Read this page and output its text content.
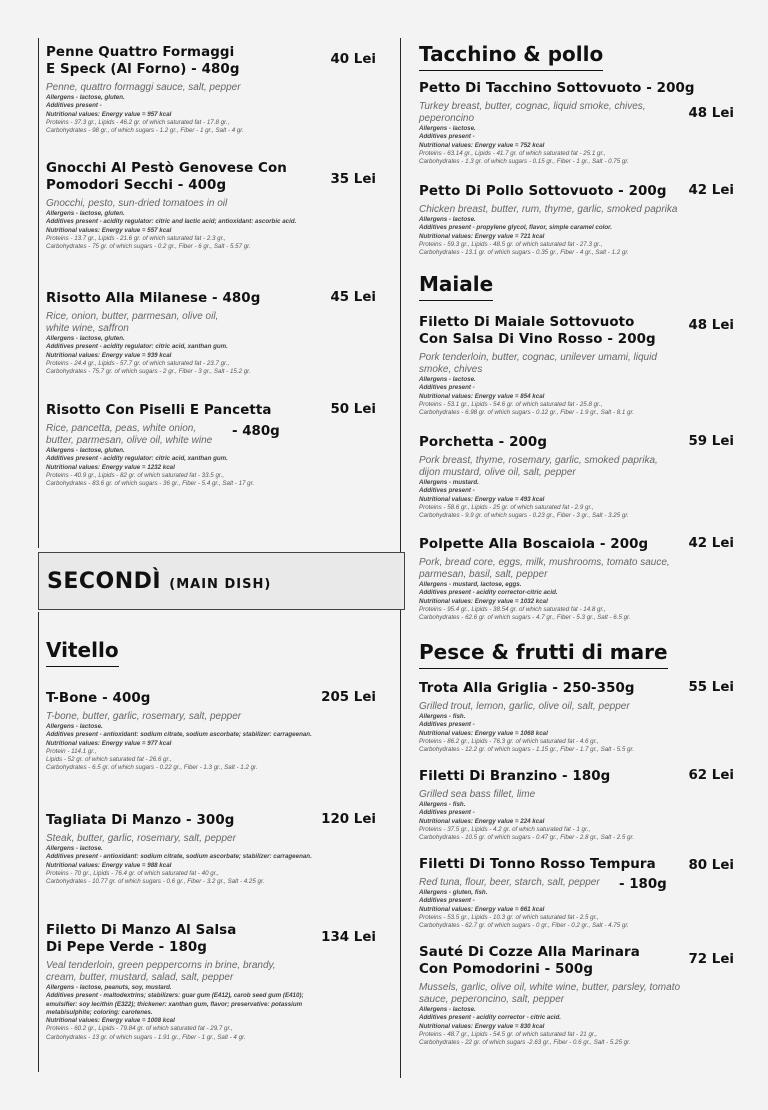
Penne Quattro Formaggi
E Speck (Al Forno) - 480g
40 Lei
Penne, quattro formaggi sauce, salt, pepper
Allergens - lactose, gluten.
Additives present -
Nutritional values: Energy value = 957 kcal
Proteins - 37.3 gr., Lipids - 46.2 gr. of which saturated fat - 17.8 gr.,
Carbohydrates - 98 gr., of which sugars - 1.2 gr., Fiber - 1 gr., Salt - 4 gr.
Gnocchi Al Pestò Genovese Con
Pomodori Secchi - 400g	35 Lei
Gnocchi, pesto, sun-dried tomatoes in oil
Allergens - lactose, gluten.
Additives present - acidity regulator: citric and lactic acid; antioxidant: ascorbic acid.
Nutritional values: Energy value = 557 kcal
Proteins - 13.7 gr., Lipids - 21.6 gr. of which saturated fat - 2.3 gr.,
Carbohydrates - 75 gr. of which sugars - 0.2 gr., Fiber - 6 gr., Salt - 5.57 gr.
Risotto Alla Milanese - 480g	45 Lei
Rice, onion, butter, parmesan, olive oil, white wine, saffron
Allergens - lactose, gluten.
Additives present - acidity regulator: citric acid, xanthan gum.
Nutritional values: Energy value = 939 kcal
Proteins - 24.4 gr., Lipids - 57.7 gr. of which saturated fat - 23.7 gr.,
Carbohydrates - 75.7 gr. of which sugars - 2 gr., Fiber - 3 gr., Salt - 15.2 gr.
Risotto Con Piselli E Pancetta	50 Lei
- 480g
Rice, pancetta, peas, white onion, butter, parmesan, olive oil, white wine
Allergens - lactose, gluten.
Additives present - acidity regulator: citric acid, xanthan gum.
Nutritional values: Energy value = 1232 kcal
Proteins - 40.9 gr., Lipids - 82 gr. of which saturated fat - 33.5 gr.,
Carbohydrates - 83.6 gr. of which sugars - 36 gr., Fiber - 5.4 gr., Salt - 17 gr.
SECONDÌ (MAIN DISH)
Vitello
T-Bone - 400g	205 Lei
T-bone, butter, garlic, rosemary, salt, pepper
Allergens - lactose.
Additives present - antioxidant: sodium citrate, sodium ascorbate; stabilizer: carrageenan.
Nutritional values: Energy value = 977 kcal
Protein - 114.1 gr.,
Lipids - 52 gr. of which saturated fat - 26.6 gr.,
Carbohydrates - 6.5 gr. of which sugars - 0.22 gr., Fiber - 1.3 gr., Salt - 1.2 gr.
Tagliata Di Manzo - 300g	120 Lei
Steak, butter, garlic, rosemary, salt, pepper
Allergens - lactose.
Additives present - antioxidant: sodium citrate, sodium ascorbate; stabilizer: carrageenan.
Nutritional values: Energy value = 988 kcal
Proteins - 70 gr., Lipids - 76.4 gr. of which saturated fat - 40 gr.,
Carbohydrates - 10.77 gr. of which sugars - 0.6 gr., Fiber - 3.2 gr., Salt - 4.25 gr.
Filetto Di Manzo Al Salsa
Di Pepe Verde - 180g
134 Lei
Veal tenderloin, green peppercorns in brine, brandy, cream, butter, mustard, salad, salt, pepper
Allergens - lactose, peanuts, soy, mustard.
Additives present - maltodextrins; stabilizers: guar gum (E412), carob seed gum (E410); emulsifier: soy lecithin (E322); thickener: xanthan gum, flavor; preservative: potassium metabisulphite; coloring: carotenes.
Nutritional values: Energy value = 1008 kcal
Proteins - 60.2 gr., Lipids - 79.84 gr. of which saturated fat - 29.7 gr.,
Carbohydrates - 13 gr. of which sugars - 1.91 gr., Fiber - 1 gr., Salt - 4 gr.
Tacchino & pollo
Petto Di Tacchino Sottovuoto - 200g
48 Lei
Turkey breast, butter, cognac, liquid smoke, chives, peperoncino
Allergens - lactose.
Additives present -
Nutritional values: Energy value = 752 kcal
Proteins - 63.14 gr., Lipids - 41.7 gr. of which saturated fat - 25.1 gr.,
Carbohydrates - 1.3 gr. of which sugars - 0.15 gr., Fiber - 1 gr., Salt - 0.75 gr.
Petto Di Pollo Sottovuoto - 200g	42 Lei
Chicken breast, butter, rum, thyme, garlic, smoked paprika
Allergens - lactose.
Additives present - propylene glycol, flavor, simple caramel color.
Nutritional values: Energy value = 721 kcal
Proteins - 59.3 gr., Lipids - 48.5 gr. of which saturated fat - 27.3 gr.,
Carbohydrates - 13.1 gr. of which sugars - 0.35 gr., Fiber - 4 gr., Salt - 1.2 gr.
Maiale
Filetto Di Maiale Sottovuoto
Con Salsa Di Vino Rosso - 200g
48 Lei
Pork tenderloin, butter, cognac, unilever umami, liquid smoke, chives
Allergens - lactose.
Additives present -
Nutritional values: Energy value = 854 kcal
Proteins - 53.1 gr., Lipids - 54.6 gr. of which saturated fat - 25.8 gr.,
Carbohydrates - 6.98 gr. of which sugars - 0.12 gr., Fiber - 1.9 gr., Salt - 8.1 gr.
Porchetta - 200g	59 Lei
Pork breast, thyme, rosemary, garlic, smoked paprika, dijon mustard, olive oil, salt, pepper
Allergens - mustard.
Additives present -
Nutritional values: Energy value = 493 kcal
Proteins - 58.6 gr., Lipids - 25 gr. of which saturated fat - 2.9 gr.,
Carbohydrates - 9.9 gr. of which sugars - 0.23 gr., Fiber - 3 gr., Salt - 3.25 gr.
Polpette Alla Boscaiola - 200g	42 Lei
Pork, bread core, eggs, milk, mushrooms, tomato sauce, parmesan, basil, salt, pepper
Allergens - mustard, lactose, eggs.
Additives present - acidity corrector-citric acid.
Nutritional values: Energy value = 1032 kcal
Proteins - 95.4 gr., Lipids - 38.54 gr. of which saturated fat - 14.8 gr.,
Carbohydrates - 62.6 gr. of which sugars - 4.7 gr., Fiber - 5.3 gr., Salt - 6.5 gr.
Pesce & frutti di mare
Trota Alla Griglia - 250-350g	55 Lei
Grilled trout, lemon, garlic, olive oil, salt, pepper
Allergens - fish.
Additives present -
Nutritional values: Energy value = 1068 kcal
Proteins - 86.2 gr., Lipids - 76.3 gr. of which saturated fat - 4.6 gr.,
Carbohydrates - 12.2 gr. of which sugars - 1.15 gr., Fiber - 1.7 gr., Salt - 5.5 gr.
Filetti Di Branzino - 180g	62 Lei
Grilled sea bass fillet, lime
Allergens - fish.
Additives present -
Nutritional values: Energy value = 224 kcal
Proteins - 37.5 gr., Lipids - 4.2 gr. of which saturated fat - 1 gr.,
Carbohydrates - 10.5 gr. of which sugars - 0.47 gr., Fiber - 2.8 gr., Salt - 2.5 gr.
Filetti Di Tonno Rosso Tempura	80 Lei
- 180g
Red tuna, flour, beer, starch, salt, pepper
Allergens - gluten, fish.
Additives present -
Nutritional values: Energy value = 661 kcal
Proteins - 53.5 gr., Lipids - 10.3 gr. of which saturated fat - 2.5 gr.,
Carbohydrates - 62.7 gr. of which sugars - 0 gr., Fiber - 0.2 gr., Salt - 4.75 gr.
Sauté Di Cozze Alla Marinara
Con Pomodorini - 500g
72 Lei
Mussels, garlic, olive oil, white wine, butter, parsley, tomato sauce, peperoncino, salt, pepper
Allergens - lactose.
Additives present - acidity corrector - citric acid.
Nutritional values: Energy value = 830 kcal
Proteins - 48.7 gr., Lipids - 54.5 gr. of which saturated fat - 21 gr.,
Carbohydrates - 22 gr. of which sugars -2.63 gr., Fiber - 0.6 gr., Salt - 5.25 gr.
